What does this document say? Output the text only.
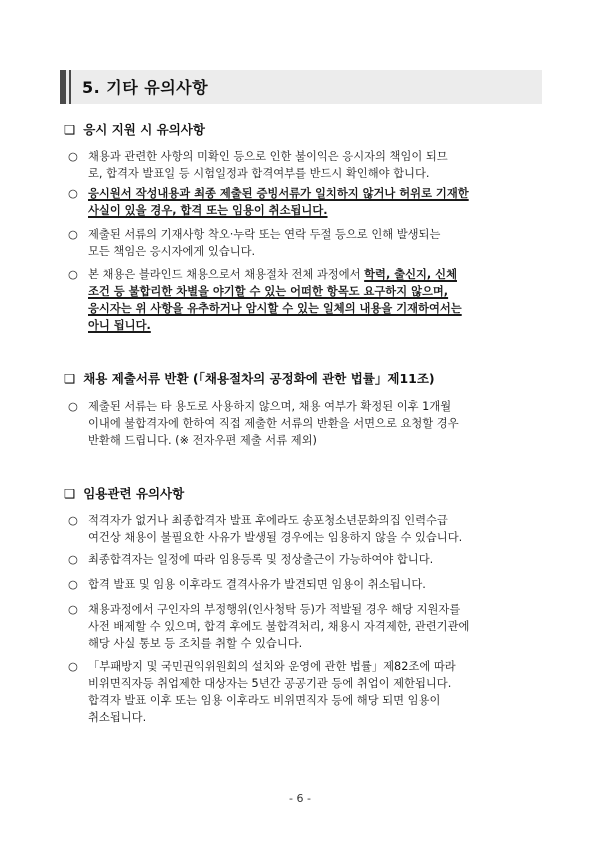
5. 기타 유의사항
❑ 응시 지원 시 유의사항
○ 채용과 관련한 사항의 미확인 등으로 인한 불이익은 응시자의 책임이 되므

로, 합격자 발표일 등 시험일정과 합격여부를 반드시 확인해야 합니다.

○ 응시원서 작성내용과 최종 제출된 증빙서류가 일치하지 않거나 허위로 기재한

사실이 있을 경우, 합격 또는 임용이 취소됩니다.

○ 제출된 서류의 기재사항 착오·누락 또는 연락 두절 등으로 인해 발생되는

모든 책임은 응시자에게 있습니다.

○ 본 채용은 블라인드 채용으로서 채용절차 전체 과정에서 학력, 출신지, 신체

조건 등 불합리한 차별을 야기할 수 있는 어떠한 항목도 요구하지 않으며,

응시자는 위 사항을 유추하거나 암시할 수 있는 일체의 내용을 기재하여서는

아니 됩니다.

❑ 채용 제출서류 반환 (「채용절차의 공정화에 관한 법률」제11조)
○ 제출된 서류는 타 용도로 사용하지 않으며, 채용 여부가 확정된 이후 1개월

이내에 불합격자에 한하여 직접 제출한 서류의 반환을 서면으로 요청할 경우

반환해 드립니다. (※ 전자우편 제출 서류 제외)

❑ 임용관련 유의사항
○ 적격자가 없거나 최종합격자 발표 후에라도 송포청소년문화의집 인력수급

여건상 채용이 불필요한 사유가 발생될 경우에는 임용하지 않을 수 있습니다.

○ 최종합격자는 일정에 따라 임용등록 및 정상출근이 가능하여야 합니다.

○ 합격 발표 및 임용 이후라도 결격사유가 발견되면 임용이 취소됩니다.

○ 채용과정에서 구인자의 부정행위(인사청탁 등)가 적발될 경우 해당 지원자를

사전 배제할 수 있으며, 합격 후에도 불합격처리, 채용시 자격제한, 관련기관에

해당 사실 통보 등 조치를 취할 수 있습니다.

○ 「부패방지 및 국민권익위원회의 설치와 운영에 관한 법률」제82조에 따라

비위면직자등 취업제한 대상자는 5년간 공공기관 등에 취업이 제한됩니다.

합격자 발표 이후 또는 임용 이후라도 비위면직자 등에 해당 되면 임용이

취소됩니다.

- 6 -
